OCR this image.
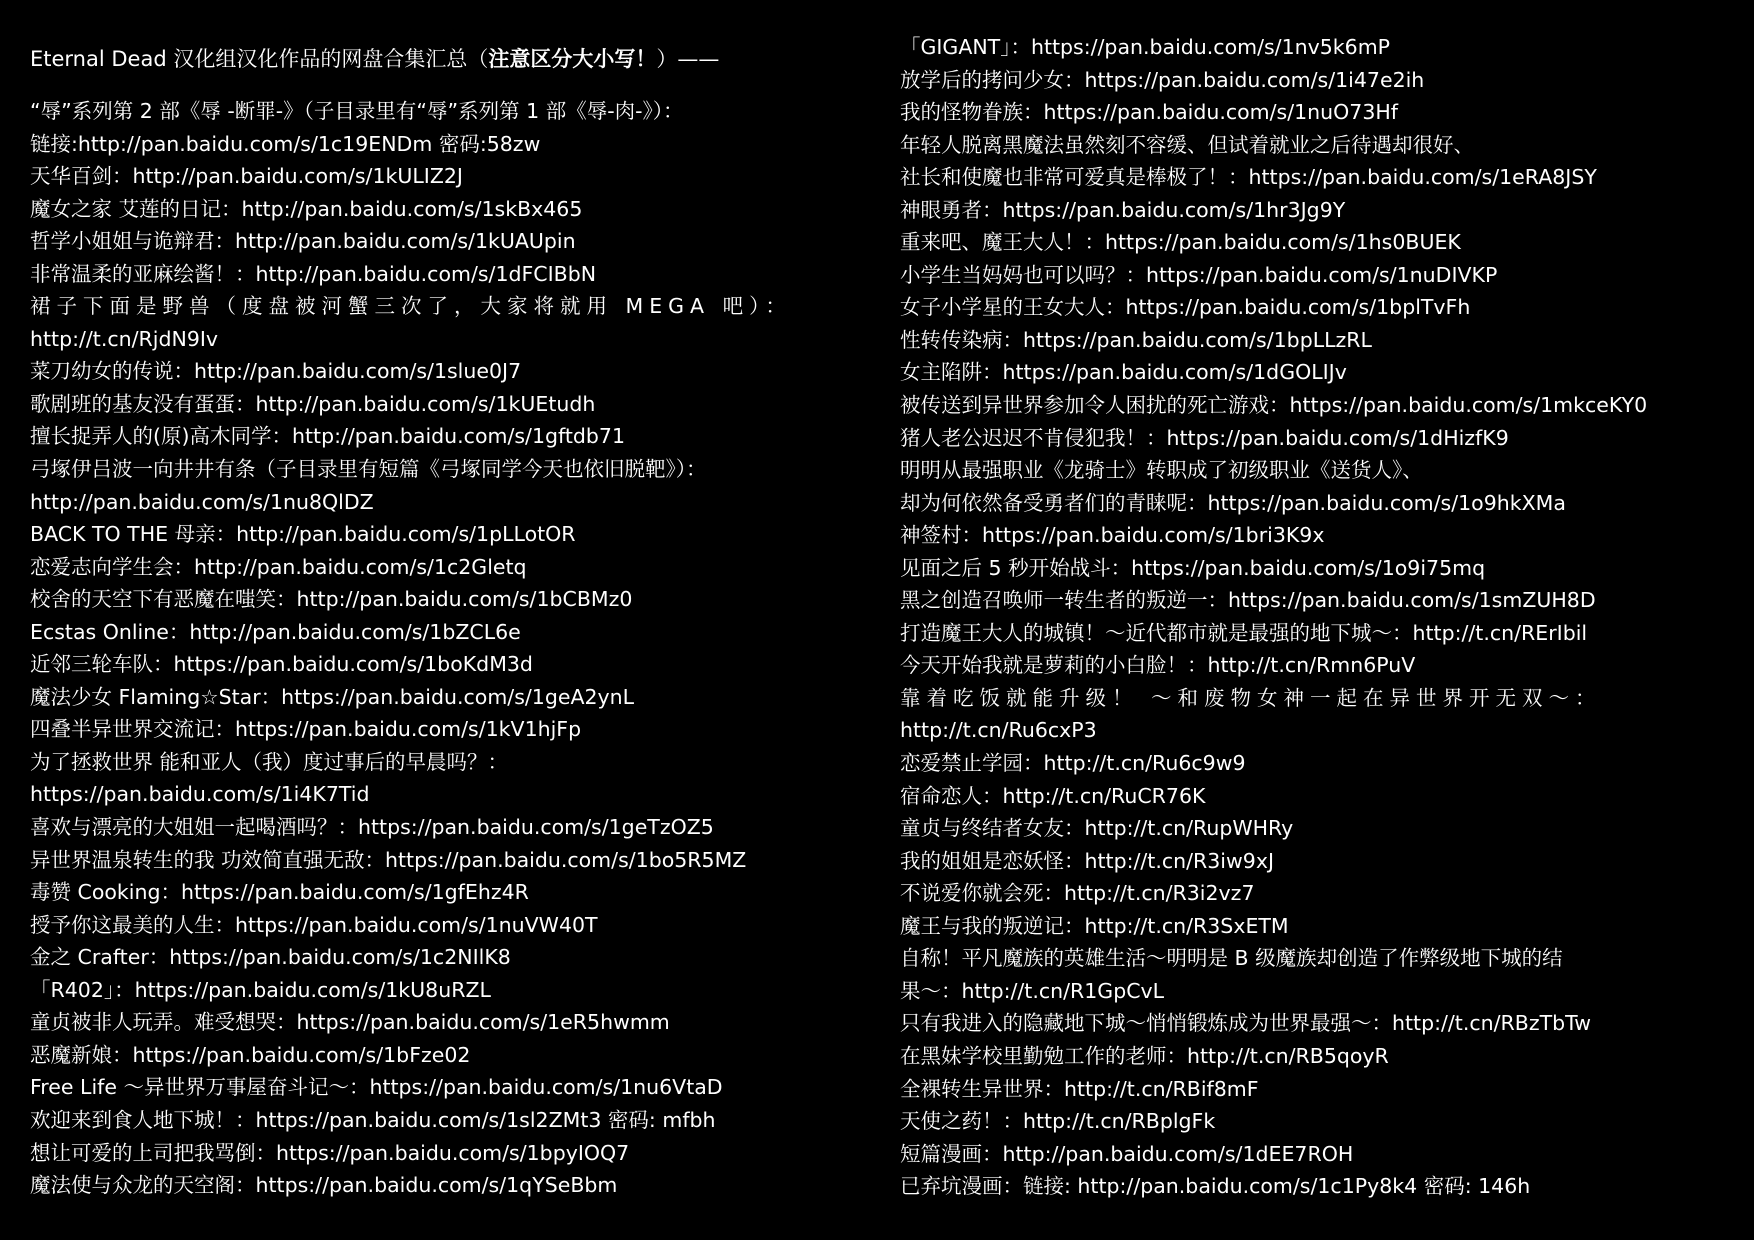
Eternal Dead 汉化组汉化作品的网盘合集汇总（注意区分大小写！）——
“辱”系列第 2 部《辱 -断罪-》（子目录里有“辱”系列第 1 部《辱-肉-》）：
链接:http://pan.baidu.com/s/1c19ENDm 密码:58zw
天华百剑：http://pan.baidu.com/s/1kULIZ2J
魔女之家 艾莲的日记：http://pan.baidu.com/s/1skBx465
哲学小姐姐与诡辩君：http://pan.baidu.com/s/1kUAUpin
非常温柔的亚麻绘酱！：http://pan.baidu.com/s/1dFCIBbN
裙子下面是野兽（度盘被河蟹三次了，大家将就用 MEGA 吧）：
http://t.cn/RjdN9Iv
菜刀幼女的传说：http://pan.baidu.com/s/1slue0J7
歌剧班的基友没有蛋蛋：http://pan.baidu.com/s/1kUEtudh
擅长捉弄人的(原)高木同学：http://pan.baidu.com/s/1gftdb71
弓塚伊吕波一向井井有条（子目录里有短篇《弓塚同学今天也依旧脱靶》）：
http://pan.baidu.com/s/1nu8QlDZ
BACK TO THE 母亲：http://pan.baidu.com/s/1pLLotOR
恋爱志向学生会：http://pan.baidu.com/s/1c2Gletq
校舍的天空下有恶魔在嗤笑：http://pan.baidu.com/s/1bCBMz0
Ecstas Online：http://pan.baidu.com/s/1bZCL6e
近邻三轮车队：https://pan.baidu.com/s/1boKdM3d
魔法少女 Flaming☆Star：https://pan.baidu.com/s/1geA2ynL
四叠半异世界交流记：https://pan.baidu.com/s/1kV1hjFp
为了拯救世界 能和亚人（我）度过事后的早晨吗？：
https://pan.baidu.com/s/1i4K7Tid
喜欢与漂亮的大姐姐一起喝酒吗？：https://pan.baidu.com/s/1geTzOZ5
异世界温泉转生的我 功效简直强无敌：https://pan.baidu.com/s/1bo5R5MZ
毒赞 Cooking：https://pan.baidu.com/s/1gfEhz4R
授予你这最美的人生：https://pan.baidu.com/s/1nuVW40T
金之 Crafter：https://pan.baidu.com/s/1c2NIlK8
「R402」：https://pan.baidu.com/s/1kU8uRZL
童贞被非人玩弄。难受想哭：https://pan.baidu.com/s/1eR5hwmm
恶魔新娘：https://pan.baidu.com/s/1bFze02
Free Life ～异世界万事屋奋斗记～：https://pan.baidu.com/s/1nu6VtaD
欢迎来到食人地下城！：https://pan.baidu.com/s/1sl2ZMt3 密码: mfbh
想让可爱的上司把我骂倒：https://pan.baidu.com/s/1bpyIOQ7
魔法使与众龙的天空阁：https://pan.baidu.com/s/1qYSeBbm
「GIGANT」：https://pan.baidu.com/s/1nv5k6mP
放学后的拷问少女：https://pan.baidu.com/s/1i47e2ih
我的怪物眷族：https://pan.baidu.com/s/1nuO73Hf
年轻人脱离黑魔法虽然刻不容缓、但试着就业之后待遇却很好、
社长和使魔也非常可爱真是棒极了！：https://pan.baidu.com/s/1eRA8JSY
神眼勇者：https://pan.baidu.com/s/1hr3Jg9Y
重来吧、魔王大人！：https://pan.baidu.com/s/1hs0BUEK
小学生当妈妈也可以吗？：https://pan.baidu.com/s/1nuDIVKP
女子小学星的王女大人：https://pan.baidu.com/s/1bplTvFh
性转传染病：https://pan.baidu.com/s/1bpLLzRL
女主陷阱：https://pan.baidu.com/s/1dGOLIJv
被传送到异世界参加令人困扰的死亡游戏：https://pan.baidu.com/s/1mkceKY0
猪人老公迟迟不肯侵犯我！：https://pan.baidu.com/s/1dHizfK9
明明从最强职业《龙骑士》转职成了初级职业《送货人》、
却为何依然备受勇者们的青睐呢：https://pan.baidu.com/s/1o9hkXMa
神签村：https://pan.baidu.com/s/1bri3K9x
见面之后 5 秒开始战斗：https://pan.baidu.com/s/1o9i75mq
黑之创造召唤师一转生者的叛逆一：https://pan.baidu.com/s/1smZUH8D
打造魔王大人的城镇！～近代都市就是最强的地下城～：http://t.cn/RErIbil
今天开始我就是萝莉的小白脸！：http://t.cn/Rmn6PuV
靠着吃饭就能升级！ ～和废物女神一起在异世界开无双～：
http://t.cn/Ru6cxP3
恋爱禁止学园：http://t.cn/Ru6c9w9
宿命恋人：http://t.cn/RuCR76K
童贞与终结者女友：http://t.cn/RupWHRy
我的姐姐是恋妖怪：http://t.cn/R3iw9xJ
不说爱你就会死：http://t.cn/R3i2vz7
魔王与我的叛逆记：http://t.cn/R3SxETM
自称！平凡魔族的英雄生活～明明是 B 级魔族却创造了作弊级地下城的结
果～：http://t.cn/R1GpCvL
只有我进入的隐藏地下城～悄悄锻炼成为世界最强～：http://t.cn/RBzTbTw
在黑妹学校里勤勉工作的老师：http://t.cn/RB5qoyR
全裸转生异世界：http://t.cn/RBif8mF
天使之药！：http://t.cn/RBplgFk
短篇漫画：http://pan.baidu.com/s/1dEE7ROH
已弃坑漫画：链接: http://pan.baidu.com/s/1c1Py8k4 密码: 146h
